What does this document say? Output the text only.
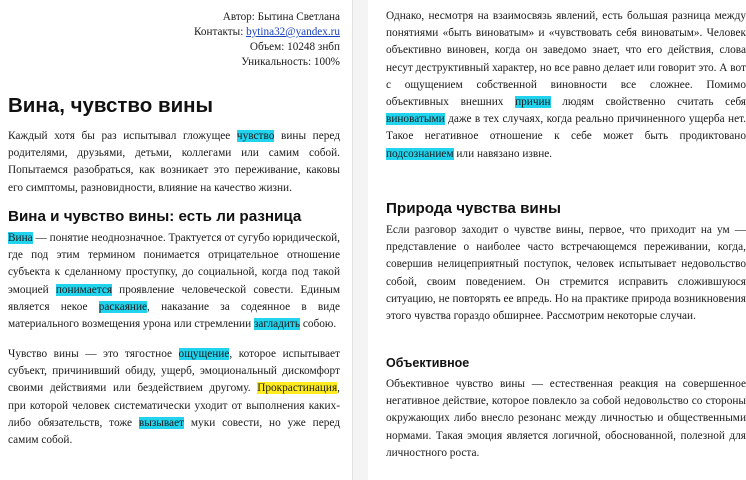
Автор: Бытина Светлана
Контакты: bytina32@yandex.ru
Объем: 10248 знбп
Уникальность: 100%
Вина, чувство вины

Каждый хотя бы раз испытывал гложущее чувство вины перед родителями, друзьями, детьми, коллегами или самим собой. Попытаемся разобраться, как возникает это переживание, каковы его симптомы, разновидности, влияние на качество жизни.

Вина и чувство вины: есть ли разница

Вина — понятие неоднозначное. Трактуется от сугубо юридической, где под этим термином понимается отрицательное отношение субъекта к сделанному проступку, до социальной, когда под такой эмоцией понимается проявление человеческой совести. Единым является некое раскаяние, наказание за содеянное в виде материального возмещения урона или стремлении загладить собою.

Чувство вины — это тягостное ощущение, которое испытывает субъект, причинивший обиду, ущерб, эмоциональный дискомфорт своими действиями или бездействием другому. Прокрастинация, при которой человек систематически уходит от выполнения каких-либо обязательств, тоже вызывает муки совести, но уже перед самим собой.

Однако, несмотря на взаимосвязь явлений, есть большая разница между понятиями «быть виноватым» и «чувствовать себя виноватым». Человек объективно виновен, когда он заведомо знает, что его действия, слова несут деструктивный характер, но все равно делает или говорит это. А вот с ощущением собственной виновности все сложнее. Помимо объективных внешних причин людям свойственно считать себя виноватыми даже в тех случаях, когда реально причиненного ущерба нет. Такое негативное отношение к себе может быть продиктовано подсознанием или навязано извне.

Природа чувства вины

Если разговор заходит о чувстве вины, первое, что приходит на ум — представление о наиболее часто встречающемся переживании, когда, совершив нелицеприятный поступок, человек испытывает недовольство собой, своим поведением. Он стремится исправить сложившуюся ситуацию, не повторять ее впредь. Но на практике природа возникновения этого чувства гораздо обширнее. Рассмотрим некоторые случаи.

Объективное

Объективное чувство вины — естественная реакция на совершенное негативное действие, которое повлекло за собой недовольство со стороны окружающих либо внесло резонанс между личностью и общественными нормами. Такая эмоция является логичной, обоснованной, полезной для личностного роста.
